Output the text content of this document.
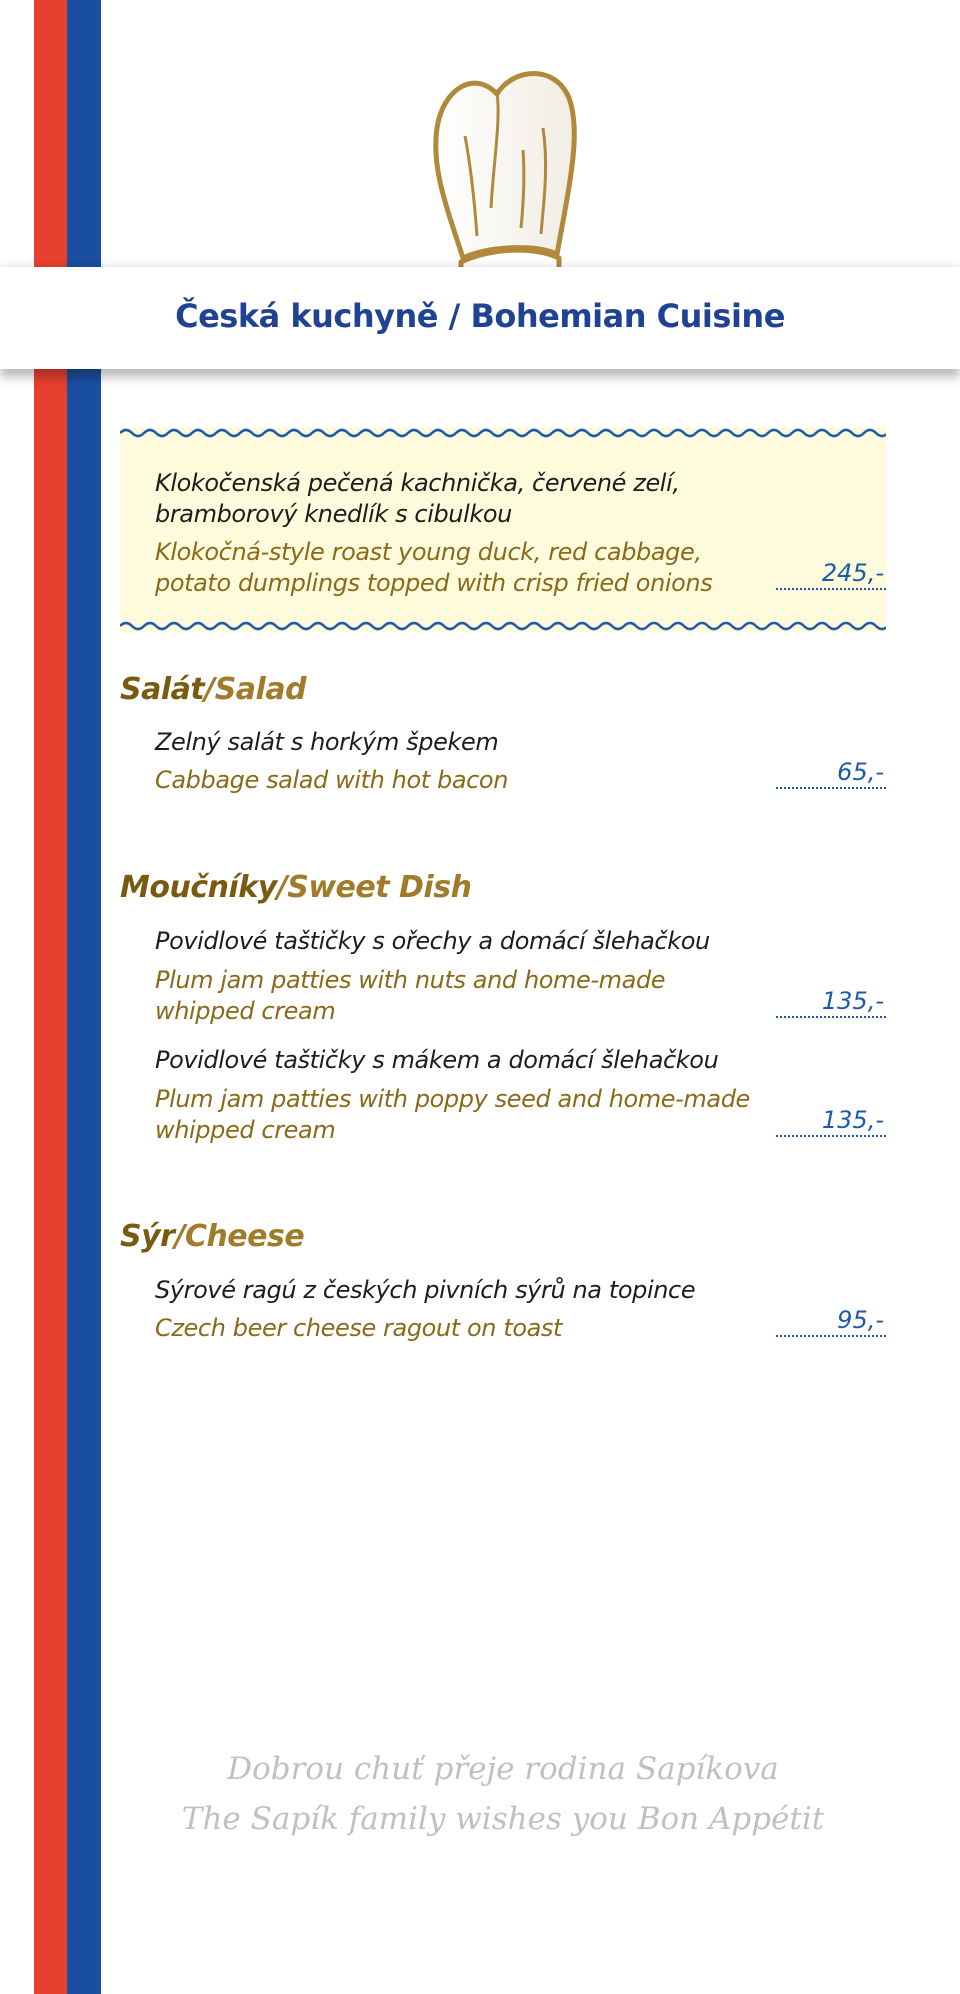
Česká kuchyně / Bohemian Cuisine
Klokočenská pečená kachnička, červené zelí,
bramborový knedlík s cibulkou
Klokočná-style roast young duck, red cabbage,
potato dumplings topped with crisp fried onions	245,-
Salát/Salad
Zelný salát s horkým špekem
Cabbage salad with hot bacon	65,-
Moučníky/Sweet Dish
Povidlové taštičky s ořechy a domácí šlehačkou
Plum jam patties with nuts and home-made
whipped cream	135,-
Povidlové taštičky s mákem a domácí šlehačkou
Plum jam patties with poppy seed and home-made
whipped cream	135,-
Sýr/Cheese
Sýrové ragú z českých pivních sýrů na topince
Czech beer cheese ragout on toast	95,-
Dobrou chuť přeje rodina Sapíkova
The Sapík family wishes you Bon Appétit
